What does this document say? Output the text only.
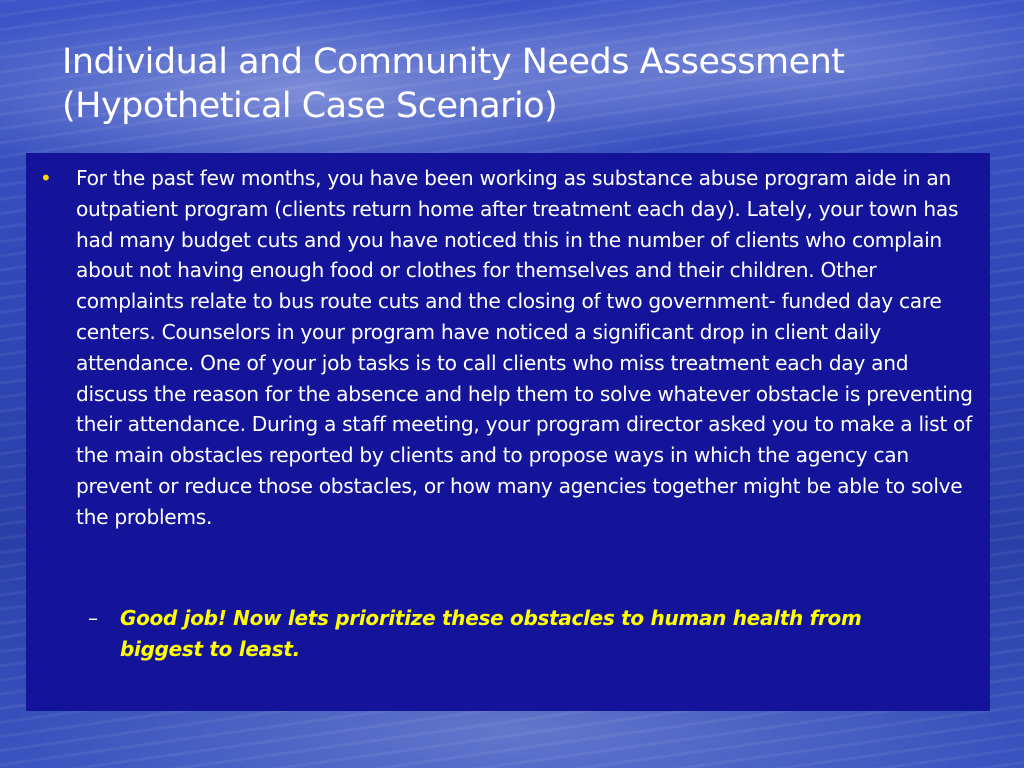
Individual and Community Needs Assessment (Hypothetical Case Scenario)
•	For the past few months, you have been working as substance abuse program aide in an outpatient program (clients return home after treatment each day). Lately, your town has had many budget cuts and you have noticed this in the number of clients who complain about not having enough food or clothes for themselves and their children. Other complaints relate to bus route cuts and the closing of two government- funded day care centers. Counselors in your program have noticed a significant drop in client daily attendance. One of your job tasks is to call clients who miss treatment each day and discuss the reason for the absence and help them to solve whatever obstacle is preventing their attendance. During a staff meeting, your program director asked you to make a list of the main obstacles reported by clients and to propose ways in which the agency can prevent or reduce those obstacles, or how many agencies together might be able to solve the problems.

–	Good job! Now lets prioritize these obstacles to human health from biggest to least.
